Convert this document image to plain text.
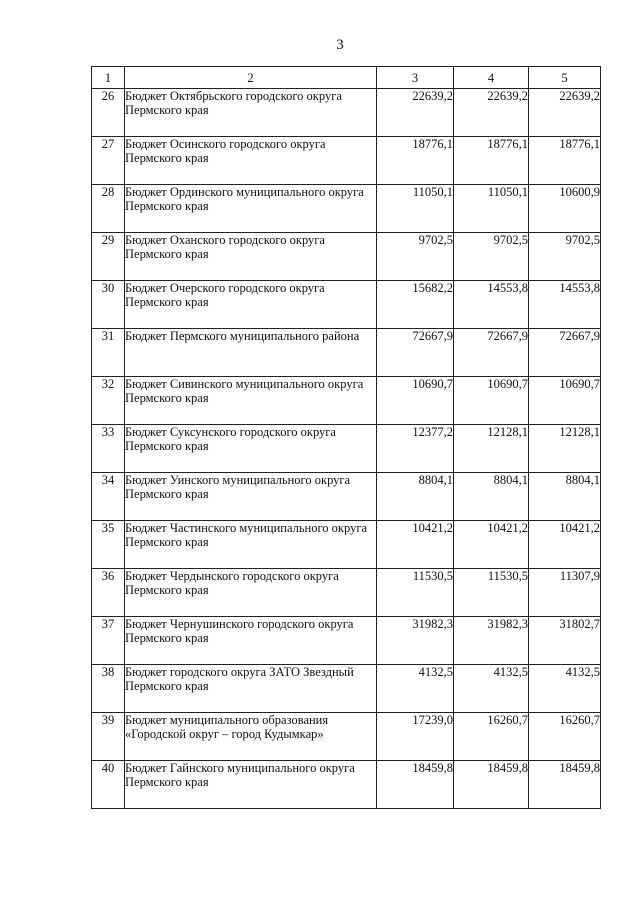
3
1	2	3	4	5
26	Бюджет Октябрьского городского округа Пермского края	22639,2	22639,2	22639,2
27	Бюджет Осинского городского округа Пермского края	18776,1	18776,1	18776,1
28	Бюджет Ординского муниципального округа Пермского края	11050,1	11050,1	10600,9
29	Бюджет Оханского городского округа Пермского края	9702,5	9702,5	9702,5
30	Бюджет Очерского городского округа Пермского края	15682,2	14553,8	14553,8
31	Бюджет Пермского муниципального района	72667,9	72667,9	72667,9
32	Бюджет Сивинского муниципального округа Пермского края	10690,7	10690,7	10690,7
33	Бюджет Суксунского городского округа Пермского края	12377,2	12128,1	12128,1
34	Бюджет Уинского муниципального округа Пермского края	8804,1	8804,1	8804,1
35	Бюджет Частинского муниципального округа Пермского края	10421,2	10421,2	10421,2
36	Бюджет Чердынского городского округа Пермского края	11530,5	11530,5	11307,9
37	Бюджет Чернушинского городского округа Пермского края	31982,3	31982,3	31802,7
38	Бюджет городского округа ЗАТО Звездный Пермского края	4132,5	4132,5	4132,5
39	Бюджет муниципального образования «Городской округ – город Кудымкар»	17239,0	16260,7	16260,7
40	Бюджет Гайнского муниципального округа Пермского края	18459,8	18459,8	18459,8
